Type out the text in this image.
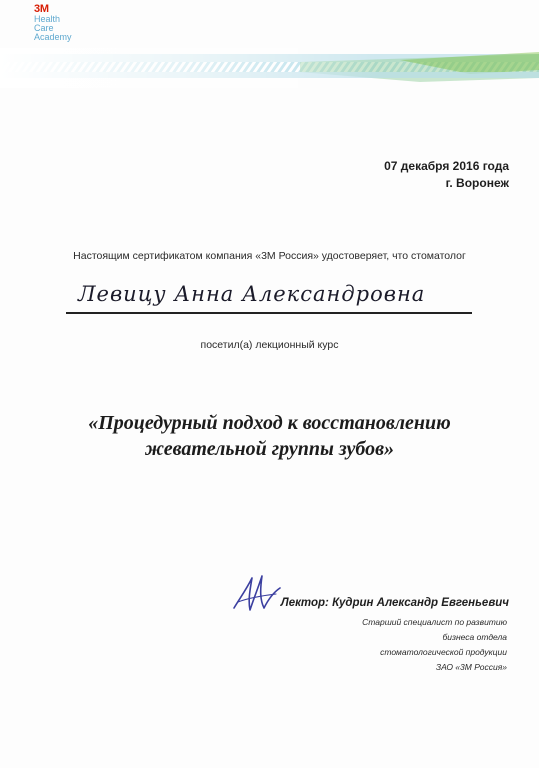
3M
Health
Care
Academy
07 декабря 2016 года
г. Воронеж
Настоящим сертификатом компания «3М Россия» удостоверяет, что стоматолог
Левицу Анна Александровна
посетил(а) лекционный курс
«Процедурный подход к восстановлению
жевательной группы зубов»
Лектор: Кудрин Александр Евгеньевич
Старший специалист по развитию
бизнеса отдела
стоматологической продукции
ЗАО «3М Россия»
